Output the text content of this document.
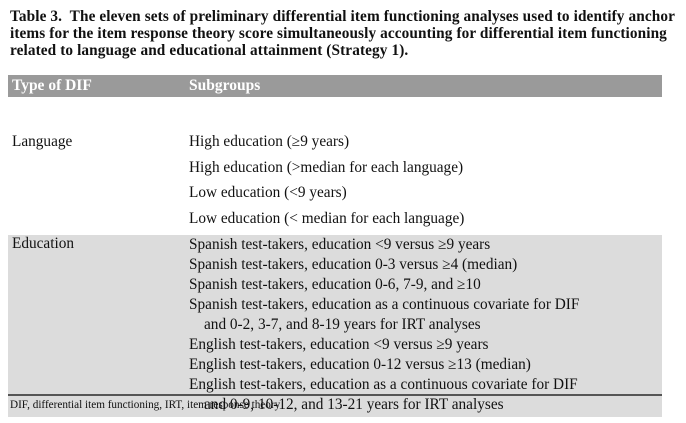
Table 3. The eleven sets of preliminary differential item functioning analyses used to identify anchor items for the item response theory score simultaneously accounting for differential item functioning related to language and educational attainment (Strategy 1).
Type of DIF	Subgroups
Language	High education (≥9 years)
High education (>median for each language)
Low education (<9 years)
Low education (< median for each language)
Education	Spanish test-takers, education <9 versus ≥9 years
Spanish test-takers, education 0-3 versus ≥4 (median)
Spanish test-takers, education 0-6, 7-9, and ≥10
Spanish test-takers, education as a continuous covariate for DIF
and 0-2, 3-7, and 8-19 years for IRT analyses
English test-takers, education <9 versus ≥9 years
English test-takers, education 0-12 versus ≥13 (median)
English test-takers, education as a continuous covariate for DIF
and 0-9, 10-12, and 13-21 years for IRT analyses
DIF, differential item functioning, IRT, item response theory
